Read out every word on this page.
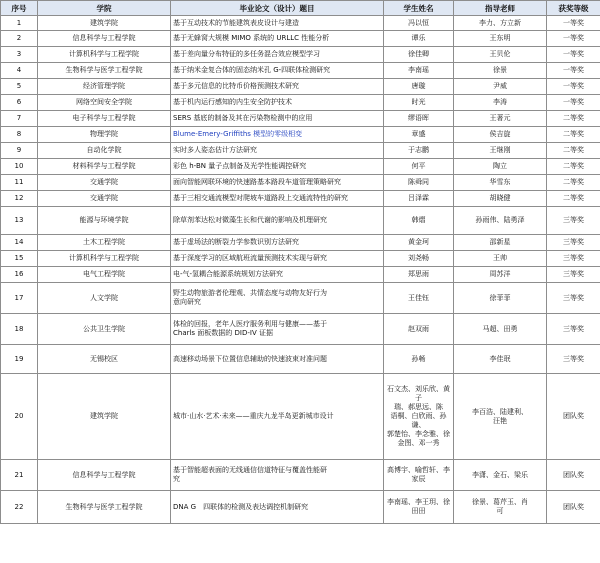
序号	学院	毕业论文（设计）题目	学生姓名	指导老师	获奖等级
1	建筑学院	基于互动技术的节能建筑表皮设计与建造	冯以恒	李力、方立新	一等奖
2	信息科学与工程学院	基于无蜂窝大规模 MIMO 系统的 URLLC 性能分析	谭乐	王东明	一等奖
3	计算机科学与工程学院	基于差向量分布特征的多任务混合效应模型学习	徐佳卿	王贝伦	一等奖
4	生物科学与医学工程学院	基于纳米金复合体的固态纳米孔 G-四联体检测研究	李南瑶	徐景	一等奖
5	经济管理学院	基于多元信息的比特币价格预测技术研究	唐璇	尹威	一等奖
6	网络空间安全学院	基于机内运行感知的内生安全防护技术	时光	李涛	一等奖
7	电子科学与工程学院	SERS 基底的制备及其在污染物检测中的应用	缪语晖	王著元	二等奖
8	物理学院	Blume-Emery-Griffiths 模型的零级相变	章盛	侯吉旋	二等奖
9	自动化学院	实时多人姿态估计方法研究	于志鹏	王继刚	二等奖
10	材料科学与工程学院	彩色 h-BN 量子点制备及光学性能调控研究	何平	陶立	二等奖
11	交通学院	面向智能网联环境的快速路基本路段车道管理策略研究	陈舜同	华雪东	二等奖
12	交通学院	基于三相交通流模型对爬坡车道路段上交通流特性的研究	吕泽霖	胡晓健	二等奖
13	能源与环境学院	除草剂苯达松对微藻生长和代谢的影响及机理研究	韩熠	孙雨伟、陆勇泽	三等奖
14	土木工程学院	基于虚场法的断裂力学参数识别方法研究	黄金珂	邵新星	三等奖
15	计算机科学与工程学院	基于深度学习的区域航班流量预测技术实现与研究	刘尧畅	王帅	三等奖
16	电气工程学院	电-气-氢耦合能源系统规划方法研究	郑思雨	周苏洋	三等奖
17	人文学院	野生动物旅游者伦理观、共情态度与动物友好行为
意向研究	王佳钰	徐菲菲	三等奖
18	公共卫生学院	体检的回报，老年人医疗服务利用与健康——基于
Charls 面板数据的 DID-IV 证据	赵双雨	马超、田勇	三等奖
19	无锡校区	高速移动场景下位置信息辅助的快速波束对准问题	孙畅	李佳珉	三等奖
20	建筑学院	城市·山水·艺术·未来——重庆九龙半岛更新城市设计	石文杰、刘乐欣、黄子
瑞、郝思远、陈
语桐、白欣雨、孙谦、
郭楚怡、李念雅、徐
金图、邓一秀	李百浩、陆建利、
汪艳	团队奖
21	信息科学与工程学院	基于智能超表面的无线通信信道特征与覆盖性能研
究	高博宇、喻哲轩、李
家辰	李潇、金石、梁乐	团队奖
22	生物科学与医学工程学院	DNA G　四联体的检测及表达调控机制研究	李南瑶、李王玥、徐
田田	徐景、葛芹玉、肖
可	团队奖
